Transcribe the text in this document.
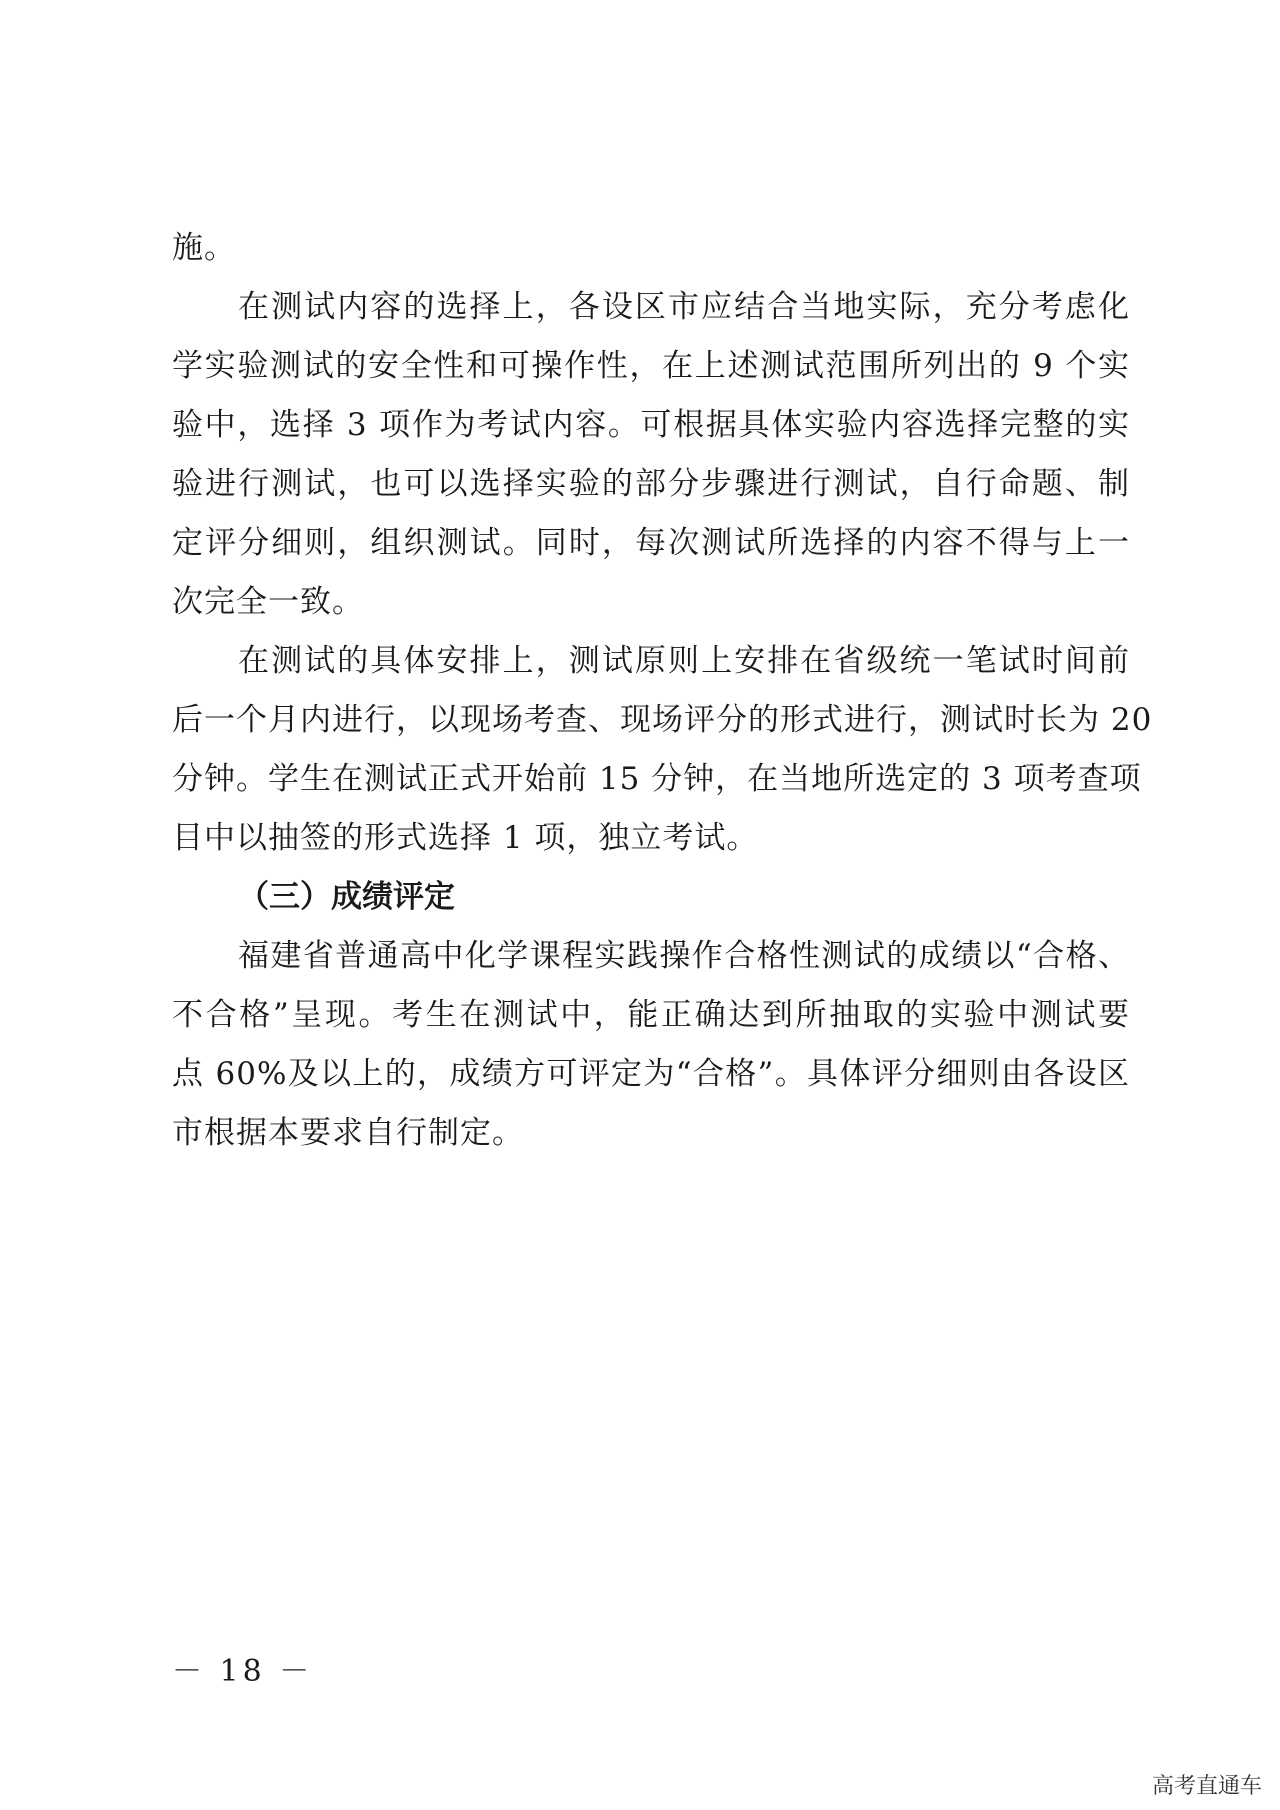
施。
在测试内容的选择上，各设区市应结合当地实际，充分考虑化
学实验测试的安全性和可操作性，在上述测试范围所列出的 9 个实
验中，选择 3 项作为考试内容。可根据具体实验内容选择完整的实
验进行测试，也可以选择实验的部分步骤进行测试，自行命题、制
定评分细则，组织测试。同时，每次测试所选择的内容不得与上一
次完全一致。
在测试的具体安排上，测试原则上安排在省级统一笔试时间前
后一个月内进行，以现场考查、现场评分的形式进行，测试时长为 20
分钟。学生在测试正式开始前 15 分钟，在当地所选定的 3 项考查项
目中以抽签的形式选择 1 项，独立考试。
（三）成绩评定
福建省普通高中化学课程实践操作合格性测试的成绩以“合格、
不合格”呈现。考生在测试中，能正确达到所抽取的实验中测试要
点 60%及以上的，成绩方可评定为“合格”。具体评分细则由各设区
市根据本要求自行制定。
－ 18 －
高考直通车
